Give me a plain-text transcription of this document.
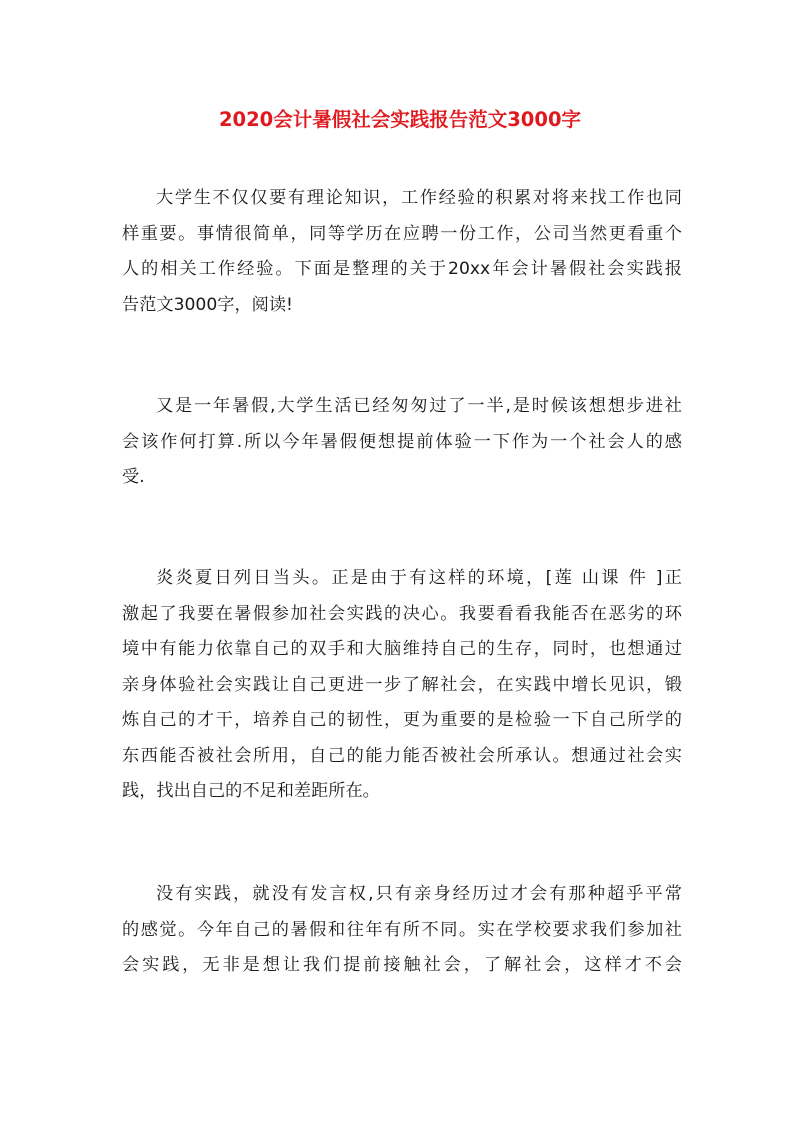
2020会计暑假社会实践报告范文3000字
大学生不仅仅要有理论知识，工作经验的积累对将来找工作也同
样重要。事情很简单，同等学历在应聘一份工作，公司当然更看重个
人的相关工作经验。下面是整理的关于20xx年会计暑假社会实践报
告范文3000字，阅读!
又是一年暑假,大学生活已经匆匆过了一半,是时候该想想步进社
会该作何打算.所以今年暑假便想提前体验一下作为一个社会人的感
受.
炎炎夏日列日当头。正是由于有这样的环境，[莲 山课 件 ]正
激起了我要在暑假参加社会实践的决心。我要看看我能否在恶劣的环
境中有能力依靠自己的双手和大脑维持自己的生存，同时，也想通过
亲身体验社会实践让自己更进一步了解社会，在实践中增长见识，锻
炼自己的才干，培养自己的韧性，更为重要的是检验一下自己所学的
东西能否被社会所用，自己的能力能否被社会所承认。想通过社会实
践，找出自己的不足和差距所在。
没有实践，就没有发言权,只有亲身经历过才会有那种超乎平常
的感觉。今年自己的暑假和往年有所不同。实在学校要求我们参加社
会实践，无非是想让我们提前接触社会，了解社会，这样才不会
